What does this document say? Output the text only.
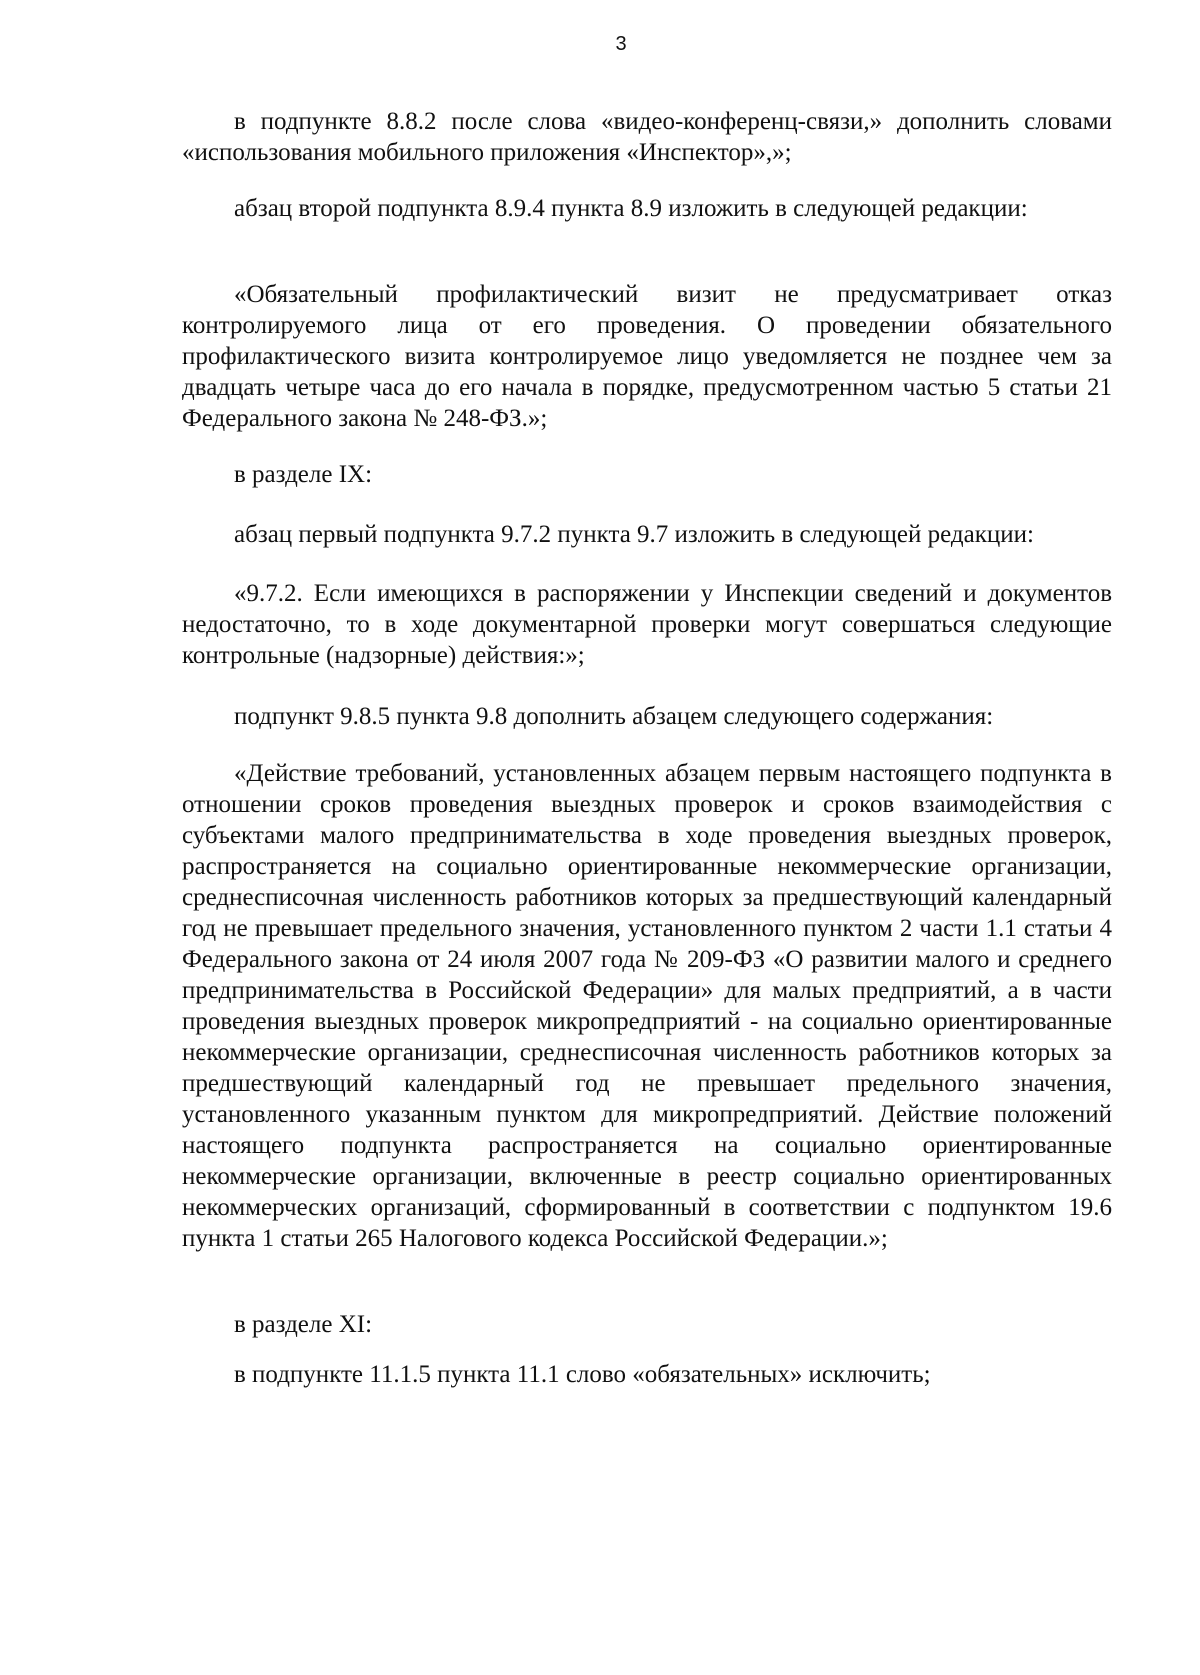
3

в подпункте 8.8.2 после слова «видео-конференц-связи,» дополнить словами «использования мобильного приложения «Инспектор»,»;

абзац второй подпункта 8.9.4 пункта 8.9 изложить в следующей редакции:

«Обязательный профилактический визит не предусматривает отказ контролируемого лица от его проведения. О проведении обязательного профилактического визита контролируемое лицо уведомляется не позднее чем за двадцать четыре часа до его начала в порядке, предусмотренном частью 5 статьи 21 Федерального закона № 248-ФЗ.»;

в разделе IX:

абзац первый подпункта 9.7.2 пункта 9.7 изложить в следующей редакции:

«9.7.2. Если имеющихся в распоряжении у Инспекции сведений и документов недостаточно, то в ходе документарной проверки могут совершаться следующие контрольные (надзорные) действия:»;

подпункт 9.8.5 пункта 9.8 дополнить абзацем следующего содержания:

«Действие требований, установленных абзацем первым настоящего подпункта в отношении сроков проведения выездных проверок и сроков взаимодействия с субъектами малого предпринимательства в ходе проведения выездных проверок, распространяется на социально ориентированные некоммерческие организации, среднесписочная численность работников которых за предшествующий календарный год не превышает предельного значения, установленного пунктом 2 части 1.1 статьи 4 Федерального закона от 24 июля 2007 года № 209-ФЗ «О развитии малого и среднего предпринимательства в Российской Федерации» для малых предприятий, а в части проведения выездных проверок микропредприятий - на социально ориентированные некоммерческие организации, среднесписочная численность работников которых за предшествующий календарный год не превышает предельного значения, установленного указанным пунктом для микропредприятий. Действие положений настоящего подпункта распространяется на социально ориентированные некоммерческие организации, включенные в реестр социально ориентированных некоммерческих организаций, сформированный в соответствии с подпунктом 19.6 пункта 1 статьи 265 Налогового кодекса Российской Федерации.»;

в разделе XI:

в подпункте 11.1.5 пункта 11.1 слово «обязательных» исключить;
